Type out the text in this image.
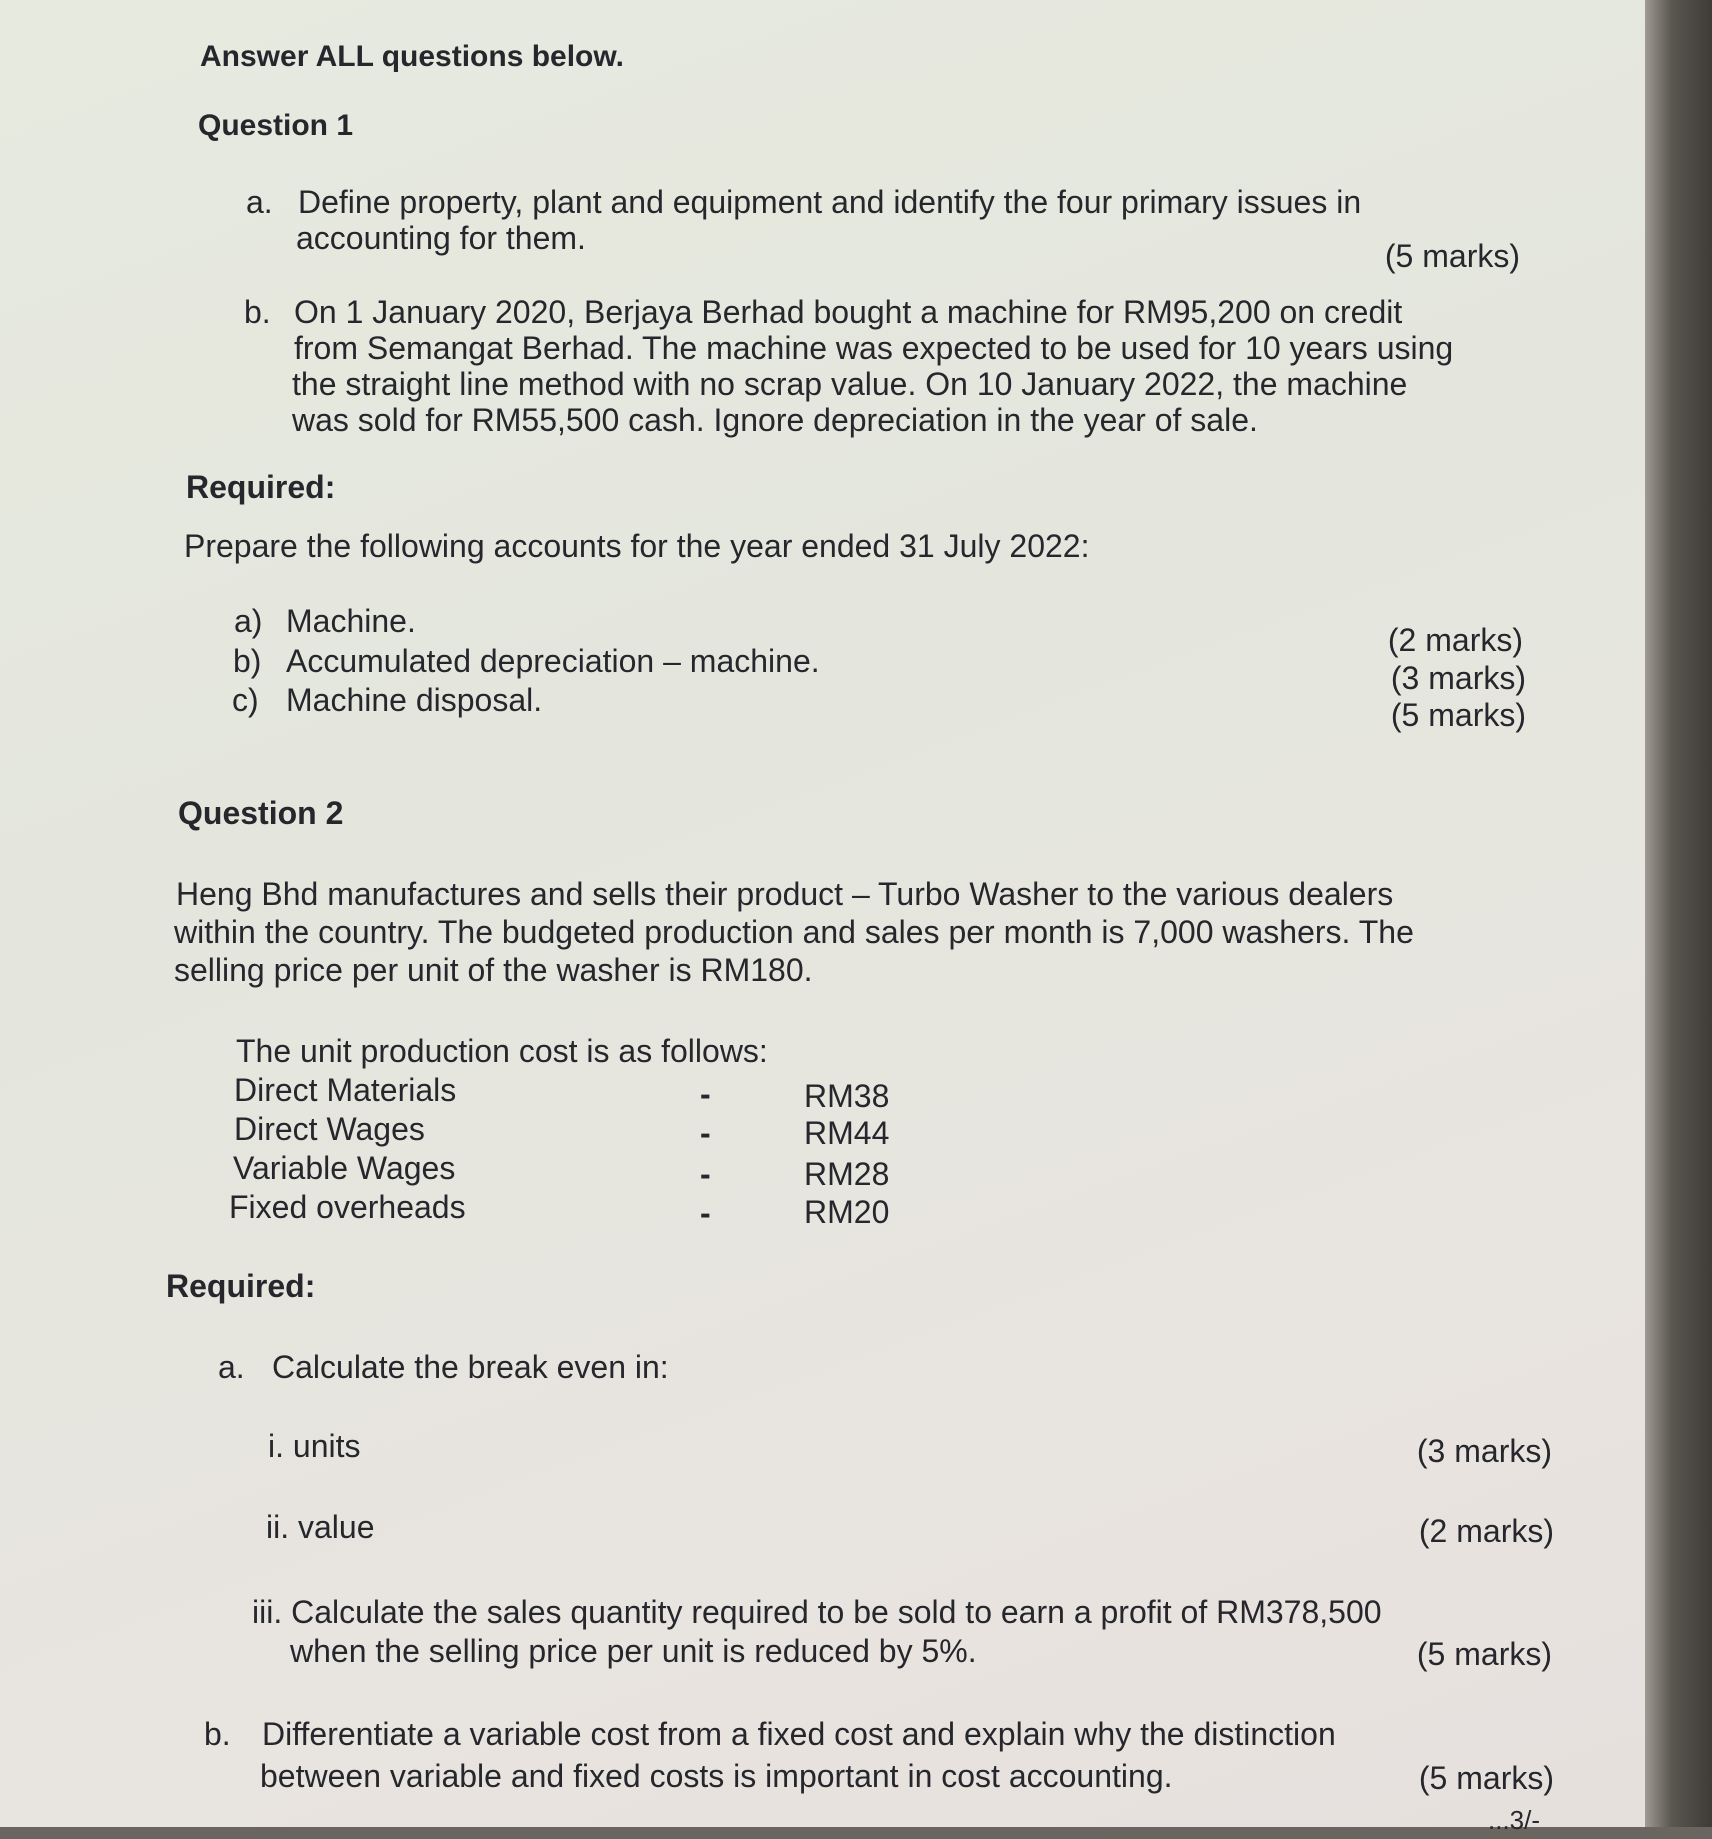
Answer ALL questions below.
Question 1
a. Define property, plant and equipment and identify the four primary issues in
accounting for them.	(5 marks)
b. On 1 January 2020, Berjaya Berhad bought a machine for RM95,200 on credit
from Semangat Berhad. The machine was expected to be used for 10 years using
the straight line method with no scrap value. On 10 January 2022, the machine
was sold for RM55,500 cash. Ignore depreciation in the year of sale.
Required:
Prepare the following accounts for the year ended 31 July 2022:
a) Machine.
(2 marks)
b) Accumulated depreciation – machine.	(3 marks)
c) Machine disposal.	(5 marks)
Question 2
Heng Bhd manufactures and sells their product – Turbo Washer to the various dealers
within the country. The budgeted production and sales per month is 7,000 washers. The
selling price per unit of the washer is RM180.
The unit production cost is as follows:
Direct Materials	-	RM38
Direct Wages	-	RM44
Variable Wages	-	RM28
Fixed overheads	-	RM20
Required:
a. Calculate the break even in:
i. units	(3 marks)
ii. value	(2 marks)
iii. Calculate the sales quantity required to be sold to earn a profit of RM378,500
when the selling price per unit is reduced by 5%.	(5 marks)
b. Differentiate a variable cost from a fixed cost and explain why the distinction
between variable and fixed costs is important in cost accounting.	(5 marks)
...3/-
